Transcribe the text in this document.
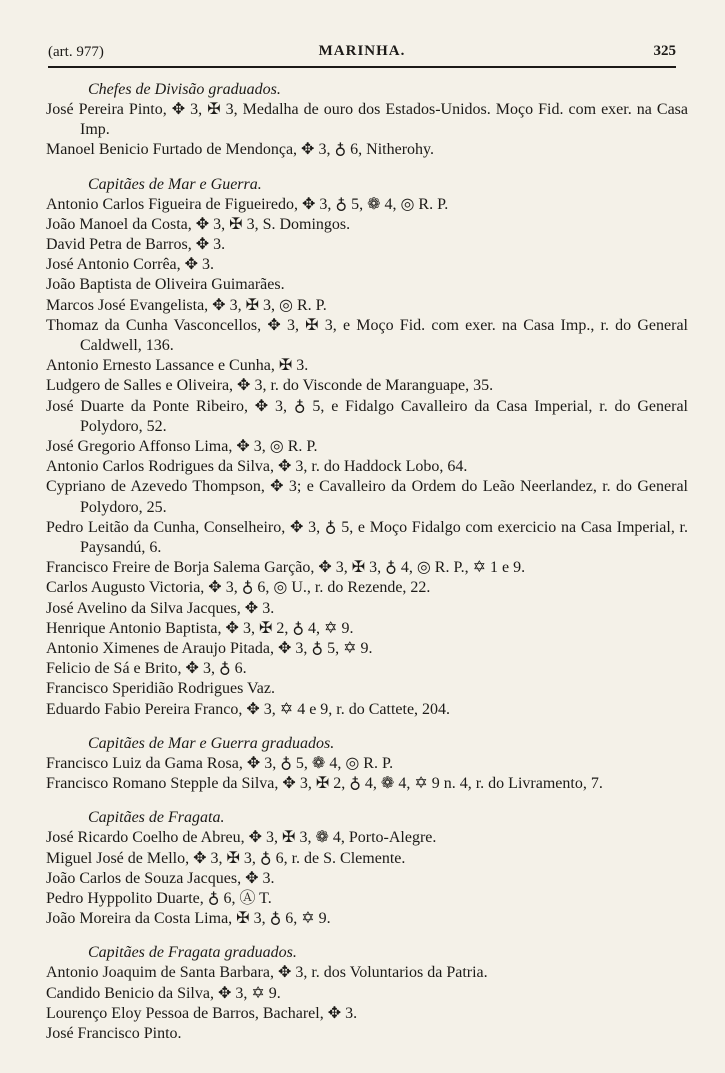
(art. 977)	MARINHA.	325
Chefes de Divisão graduados.
José Pereira Pinto, ✥ 3, ✠ 3, Medalha de ouro dos Estados-Unidos. Moço Fid. com exer. na Casa Imp.
Manoel Benicio Furtado de Mendonça, ✥ 3, ♁ 6, Nitherohy.
Capitães de Mar e Guerra.
Antonio Carlos Figueira de Figueiredo, ✥ 3, ♁ 5, ❁ 4, ◎ R. P.
João Manoel da Costa, ✥ 3, ✠ 3, S. Domingos.
David Petra de Barros, ✥ 3.
José Antonio Corrêa, ✥ 3.
João Baptista de Oliveira Guimarães.
Marcos José Evangelista, ✥ 3, ✠ 3, ◎ R. P.
Thomaz da Cunha Vasconcellos, ✥ 3, ✠ 3, e Moço Fid. com exer. na Casa Imp., r. do General Caldwell, 136.
Antonio Ernesto Lassance e Cunha, ✠ 3.
Ludgero de Salles e Oliveira, ✥ 3, r. do Visconde de Maranguape, 35.
José Duarte da Ponte Ribeiro, ✥ 3, ♁ 5, e Fidalgo Cavalleiro da Casa Imperial, r. do General Polydoro, 52.
José Gregorio Affonso Lima, ✥ 3, ◎ R. P.
Antonio Carlos Rodrigues da Silva, ✥ 3, r. do Haddock Lobo, 64.
Cypriano de Azevedo Thompson, ✥ 3; e Cavalleiro da Ordem do Leão Neerlandez, r. do General Polydoro, 25.
Pedro Leitão da Cunha, Conselheiro, ✥ 3, ♁ 5, e Moço Fidalgo com exercicio na Casa Imperial, r. Paysandú, 6.
Francisco Freire de Borja Salema Garção, ✥ 3, ✠ 3, ♁ 4, ◎ R. P., ✡ 1 e 9.
Carlos Augusto Victoria, ✥ 3, ♁ 6, ◎ U., r. do Rezende, 22.
José Avelino da Silva Jacques, ✥ 3.
Henrique Antonio Baptista, ✥ 3, ✠ 2, ♁ 4, ✡ 9.
Antonio Ximenes de Araujo Pitada, ✥ 3, ♁ 5, ✡ 9.
Felicio de Sá e Brito, ✥ 3, ♁ 6.
Francisco Speridião Rodrigues Vaz.
Eduardo Fabio Pereira Franco, ✥ 3, ✡ 4 e 9, r. do Cattete, 204.
Capitães de Mar e Guerra graduados.
Francisco Luiz da Gama Rosa, ✥ 3, ♁ 5, ❁ 4, ◎ R. P.
Francisco Romano Stepple da Silva, ✥ 3, ✠ 2, ♁ 4, ❁ 4, ✡ 9 n. 4, r. do Livramento, 7.
Capitães de Fragata.
José Ricardo Coelho de Abreu, ✥ 3, ✠ 3, ❁ 4, Porto-Alegre.
Miguel José de Mello, ✥ 3, ✠ 3, ♁ 6, r. de S. Clemente.
João Carlos de Souza Jacques, ✥ 3.
Pedro Hyppolito Duarte, ♁ 6, Ⓐ T.
João Moreira da Costa Lima, ✠ 3, ♁ 6, ✡ 9.
Capitães de Fragata graduados.
Antonio Joaquim de Santa Barbara, ✥ 3, r. dos Voluntarios da Patria.
Candido Benicio da Silva, ✥ 3, ✡ 9.
Lourenço Eloy Pessoa de Barros, Bacharel, ✥ 3.
José Francisco Pinto.
